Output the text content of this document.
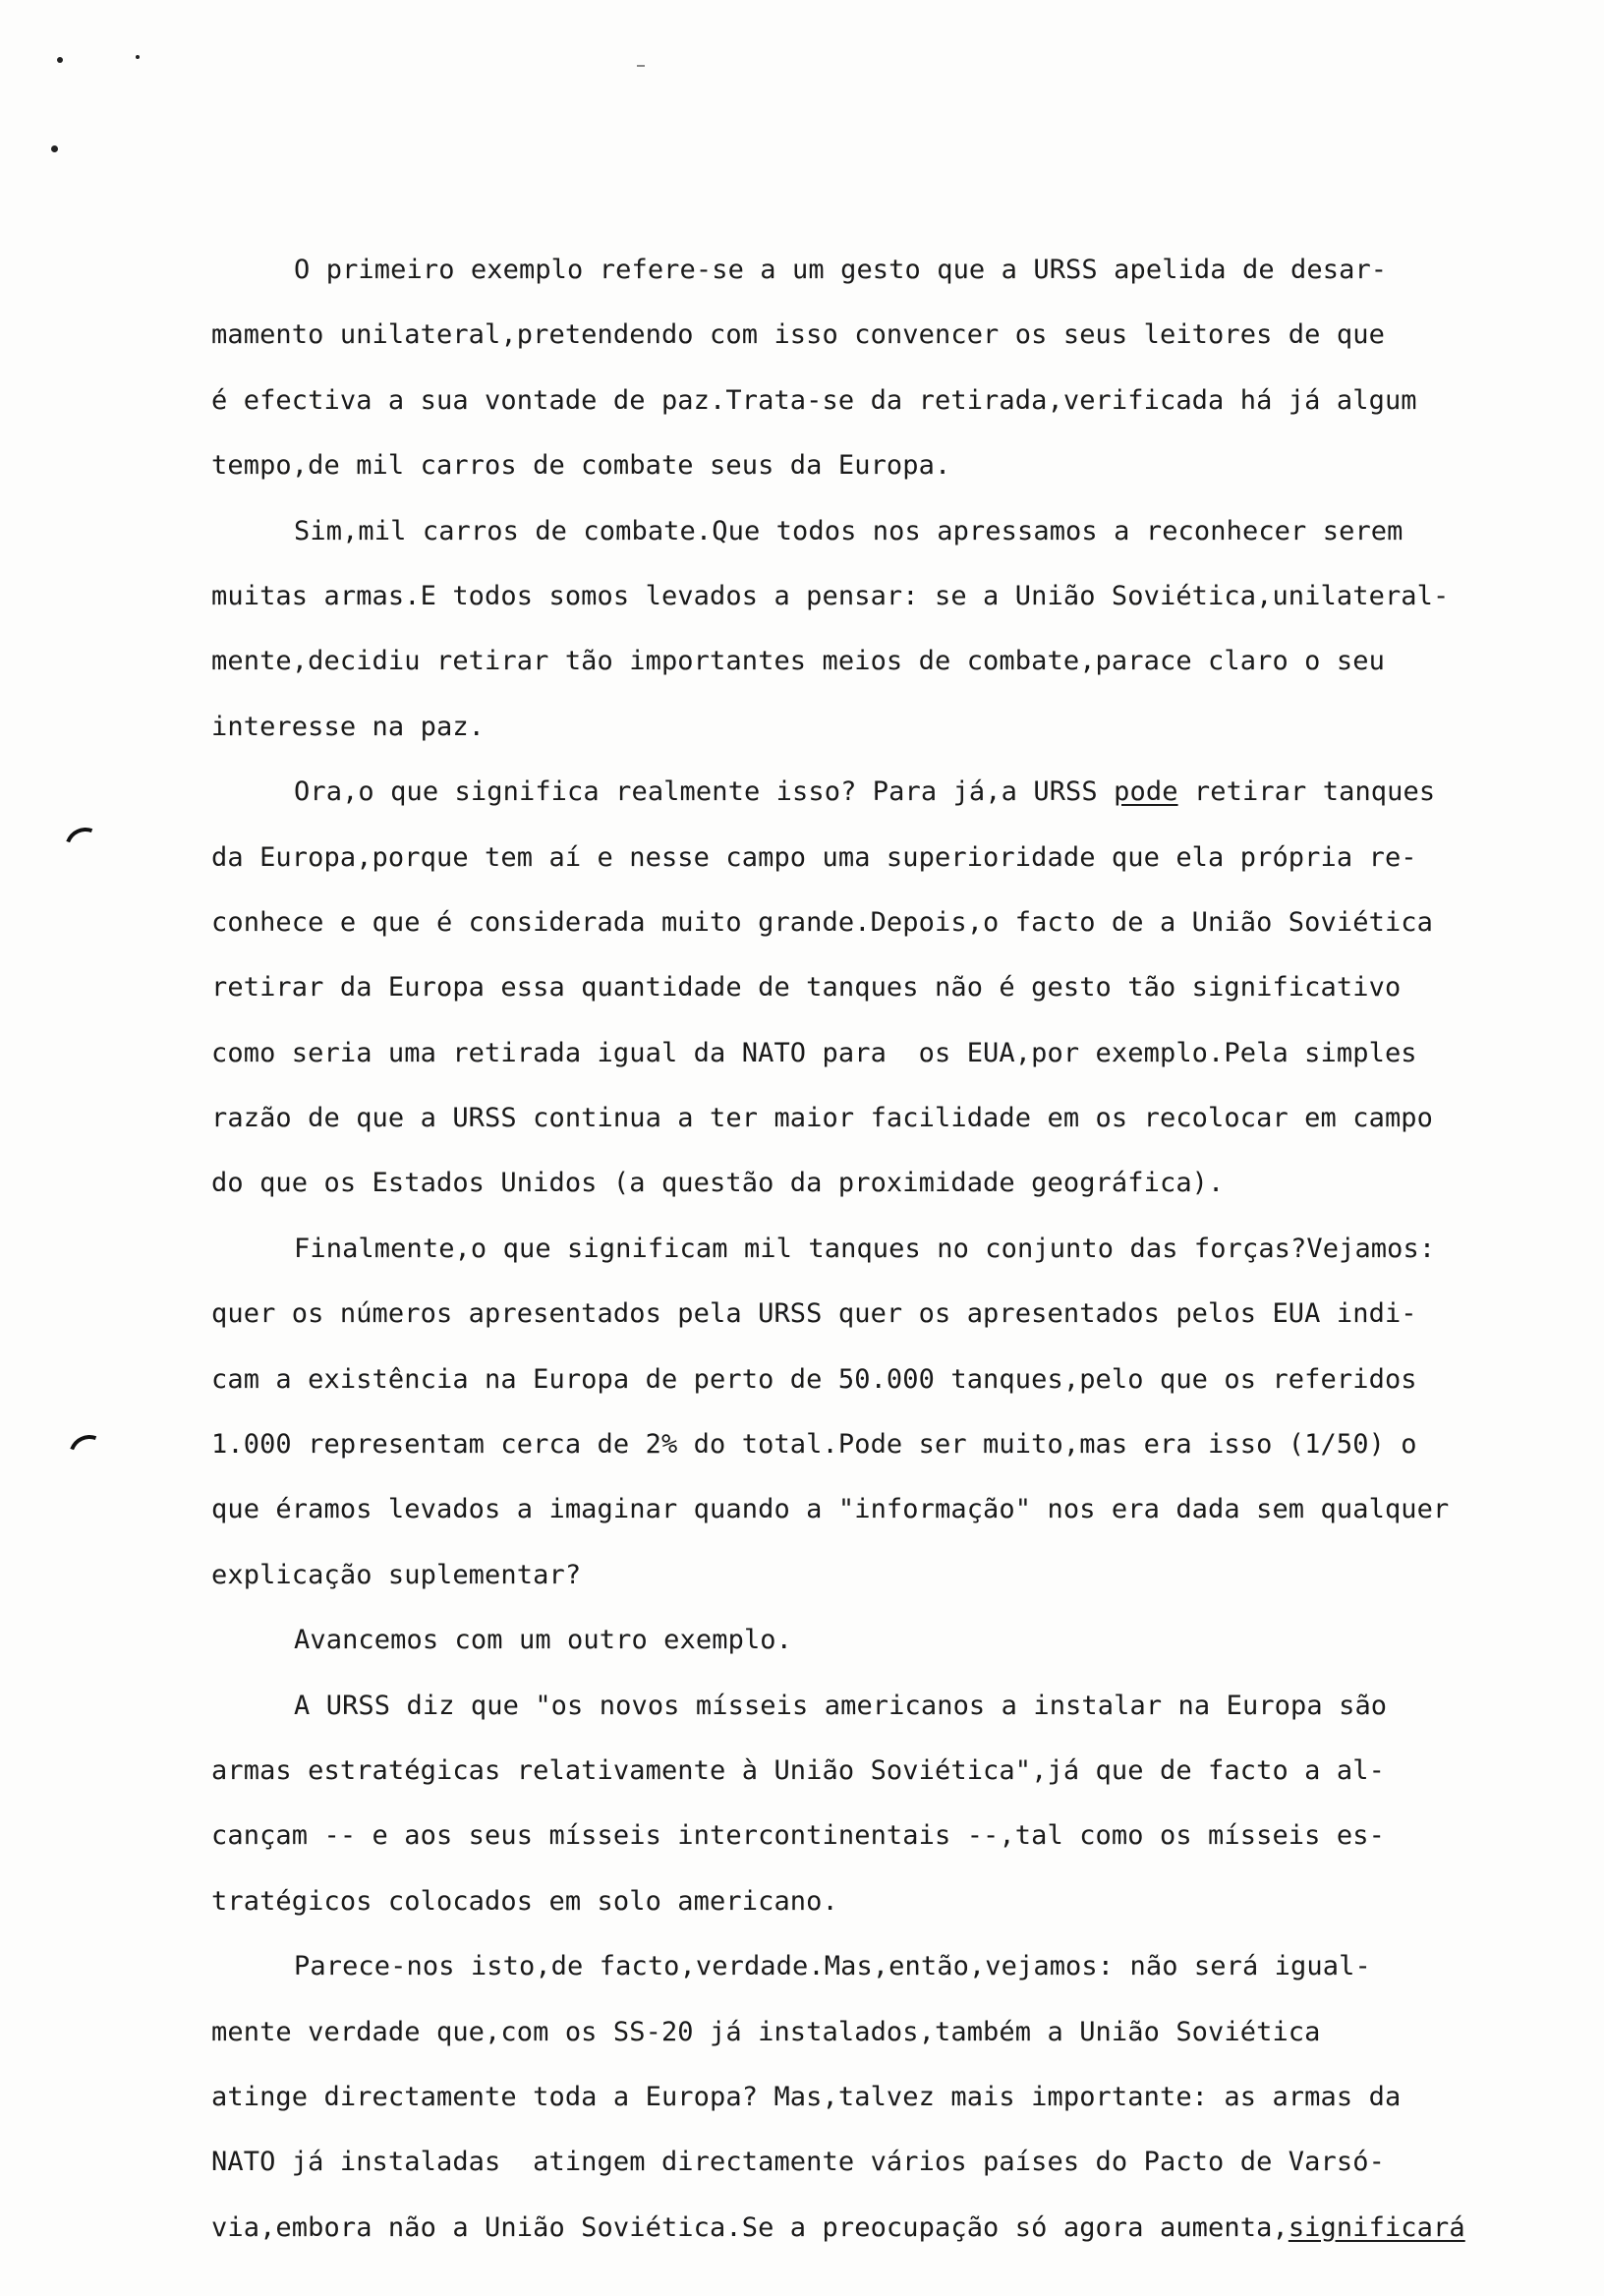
O primeiro exemplo refere-se a um gesto que a URSS apelida de desar-
mamento unilateral,pretendendo com isso convencer os seus leitores de que
é efectiva a sua vontade de paz.Trata-se da retirada,verificada há já algum
tempo,de mil carros de combate seus da Europa.
Sim,mil carros de combate.Que todos nos apressamos a reconhecer serem
muitas armas.E todos somos levados a pensar: se a União Soviética,unilateral-
mente,decidiu retirar tão importantes meios de combate,parace claro o seu
interesse na paz.
Ora,o que significa realmente isso? Para já,a URSS pode retirar tanques
da Europa,porque tem aí e nesse campo uma superioridade que ela própria re-
conhece e que é considerada muito grande.Depois,o facto de a União Soviética
retirar da Europa essa quantidade de tanques não é gesto tão significativo
como seria uma retirada igual da NATO para  os EUA,por exemplo.Pela simples
razão de que a URSS continua a ter maior facilidade em os recolocar em campo
do que os Estados Unidos (a questão da proximidade geográfica).
Finalmente,o que significam mil tanques no conjunto das forças?Vejamos:
quer os números apresentados pela URSS quer os apresentados pelos EUA indi-
cam a existência na Europa de perto de 50.000 tanques,pelo que os referidos
1.000 representam cerca de 2% do total.Pode ser muito,mas era isso (1/50) o
que éramos levados a imaginar quando a "informação" nos era dada sem qualquer
explicação suplementar?
Avancemos com um outro exemplo.
A URSS diz que "os novos mísseis americanos a instalar na Europa são
armas estratégicas relativamente à União Soviética",já que de facto a al-
cançam -- e aos seus mísseis intercontinentais --,tal como os mísseis es-
tratégicos colocados em solo americano.
Parece-nos isto,de facto,verdade.Mas,então,vejamos: não será igual-
mente verdade que,com os SS-20 já instalados,também a União Soviética
atinge directamente toda a Europa? Mas,talvez mais importante: as armas da
NATO já instaladas  atingem directamente vários países do Pacto de Varsó-
via,embora não a União Soviética.Se a preocupação só agora aumenta,significará
